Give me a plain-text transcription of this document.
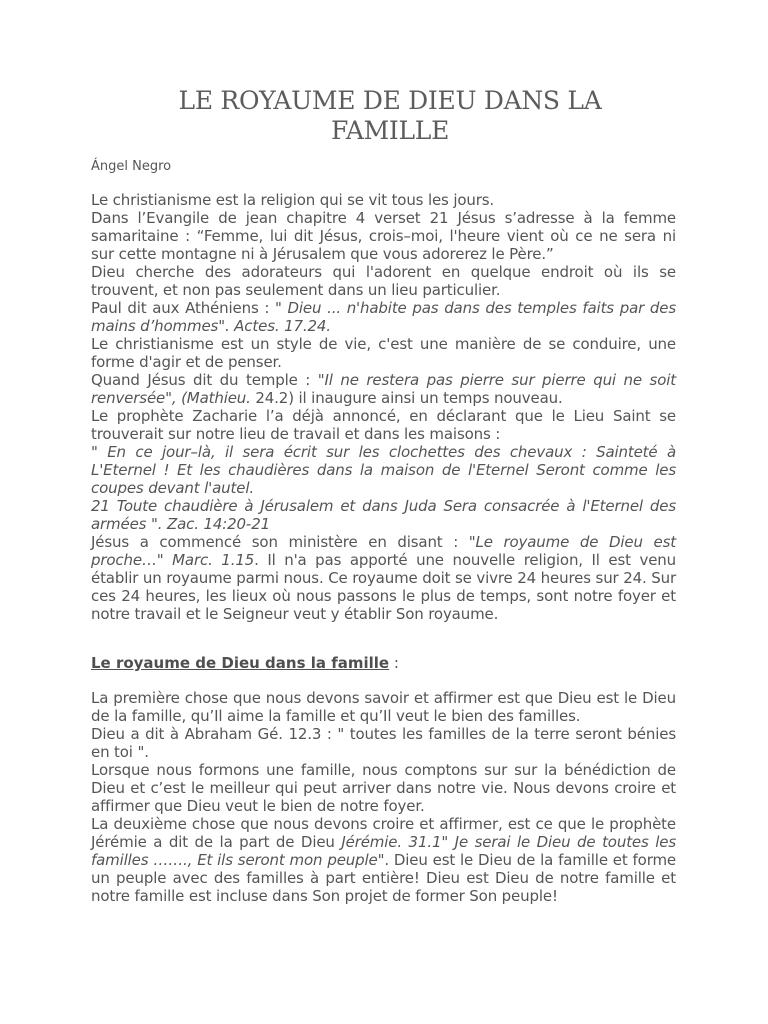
LE ROYAUME DE DIEU DANS LA FAMILLE
Ángel Negro

Le christianisme est la religion qui se vit tous les jours.

Dans l’Evangile de jean chapitre 4 verset 21 Jésus s’adresse à la femme samaritaine : “Femme, lui dit Jésus, crois–moi, l'heure vient où ce ne sera ni sur cette montagne ni à Jérusalem que vous adorerez le Père.”

Dieu cherche des adorateurs qui l'adorent en quelque endroit où ils se trouvent, et non pas seulement dans un lieu particulier.

Paul dit aux Athéniens : " Dieu ... n'habite pas dans des temples faits par des mains d’hommes". Actes. 17.24.

Le christianisme est un style de vie, c'est une manière de se conduire, une forme d'agir et de penser.

Quand Jésus dit du temple : "Il ne restera pas pierre sur pierre qui ne soit renversée", (Mathieu. 24.2) il inaugure ainsi un temps nouveau.

Le prophète Zacharie l’a déjà annoncé, en déclarant que le Lieu Saint se trouverait sur notre lieu de travail et dans les maisons :

" En ce jour–là, il sera écrit sur les clochettes des chevaux : Sainteté à L'Eternel ! Et les chaudières dans la maison de l'Eternel Seront comme les coupes devant l'autel.

21 Toute chaudière à Jérusalem et dans Juda Sera consacrée à l'Eternel des armées ". Zac. 14:20-21

Jésus a commencé son ministère en disant : "Le royaume de Dieu est proche…" Marc. 1.15. Il n'a pas apporté une nouvelle religion, Il est venu établir un royaume parmi nous. Ce royaume doit se vivre 24 heures sur 24. Sur ces 24 heures, les lieux où nous passons le plus de temps, sont notre foyer et notre travail et le Seigneur veut y établir Son royaume.

Le royaume de Dieu dans la famille :

La première chose que nous devons savoir et affirmer est que Dieu est le Dieu de la famille, qu’Il aime la famille et qu’Il veut le bien des familles.

Dieu a dit à Abraham Gé. 12.3 : " toutes les familles de la terre seront bénies en toi ".

Lorsque nous formons une famille, nous comptons sur sur la bénédiction de Dieu et c’est le meilleur qui peut arriver dans notre vie. Nous devons croire et affirmer que Dieu veut le bien de notre foyer.

La deuxième chose que nous devons croire et affirmer, est ce que le prophète Jérémie a dit de la part de Dieu Jérémie. 31.1" Je serai le Dieu de toutes les familles ……., Et ils seront mon peuple". Dieu est le Dieu de la famille et forme un peuple avec des familles à part entière! Dieu est Dieu de notre famille et notre famille est incluse dans Son projet de former Son peuple!
